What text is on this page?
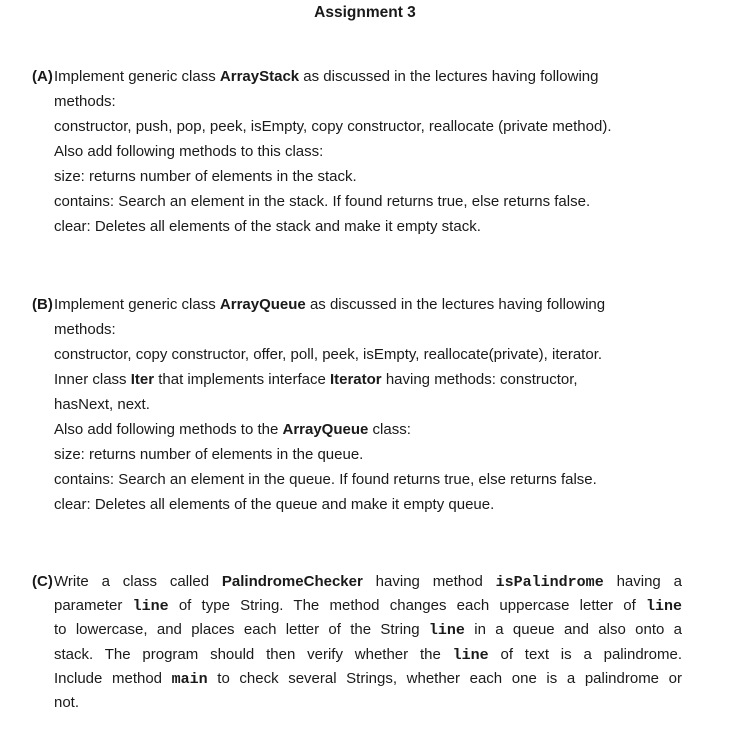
Assignment 3
(A) Implement generic class ArrayStack as discussed in the lectures having following
methods:
constructor, push, pop, peek, isEmpty, copy constructor, reallocate (private method).
Also add following methods to this class:
size: returns number of elements in the stack.
contains: Search an element in the stack. If found returns true, else returns false.
clear: Deletes all elements of the stack and make it empty stack.
(B) Implement generic class ArrayQueue as discussed in the lectures having following
methods:
constructor, copy constructor, offer, poll, peek, isEmpty, reallocate(private), iterator.
Inner class Iter that implements interface Iterator having methods: constructor,
hasNext, next.
Also add following methods to the ArrayQueue class:
size: returns number of elements in the queue.
contains: Search an element in the queue. If found returns true, else returns false.
clear: Deletes all elements of the queue and make it empty queue.
(C) Write a class called PalindromeChecker having method isPalindrome having a
parameter line of type String. The method changes each uppercase letter of line
to lowercase, and places each letter of the String line in a queue and also onto a
stack. The program should then verify whether the line of text is a palindrome.
Include method main to check several Strings, whether each one is a palindrome or
not.
